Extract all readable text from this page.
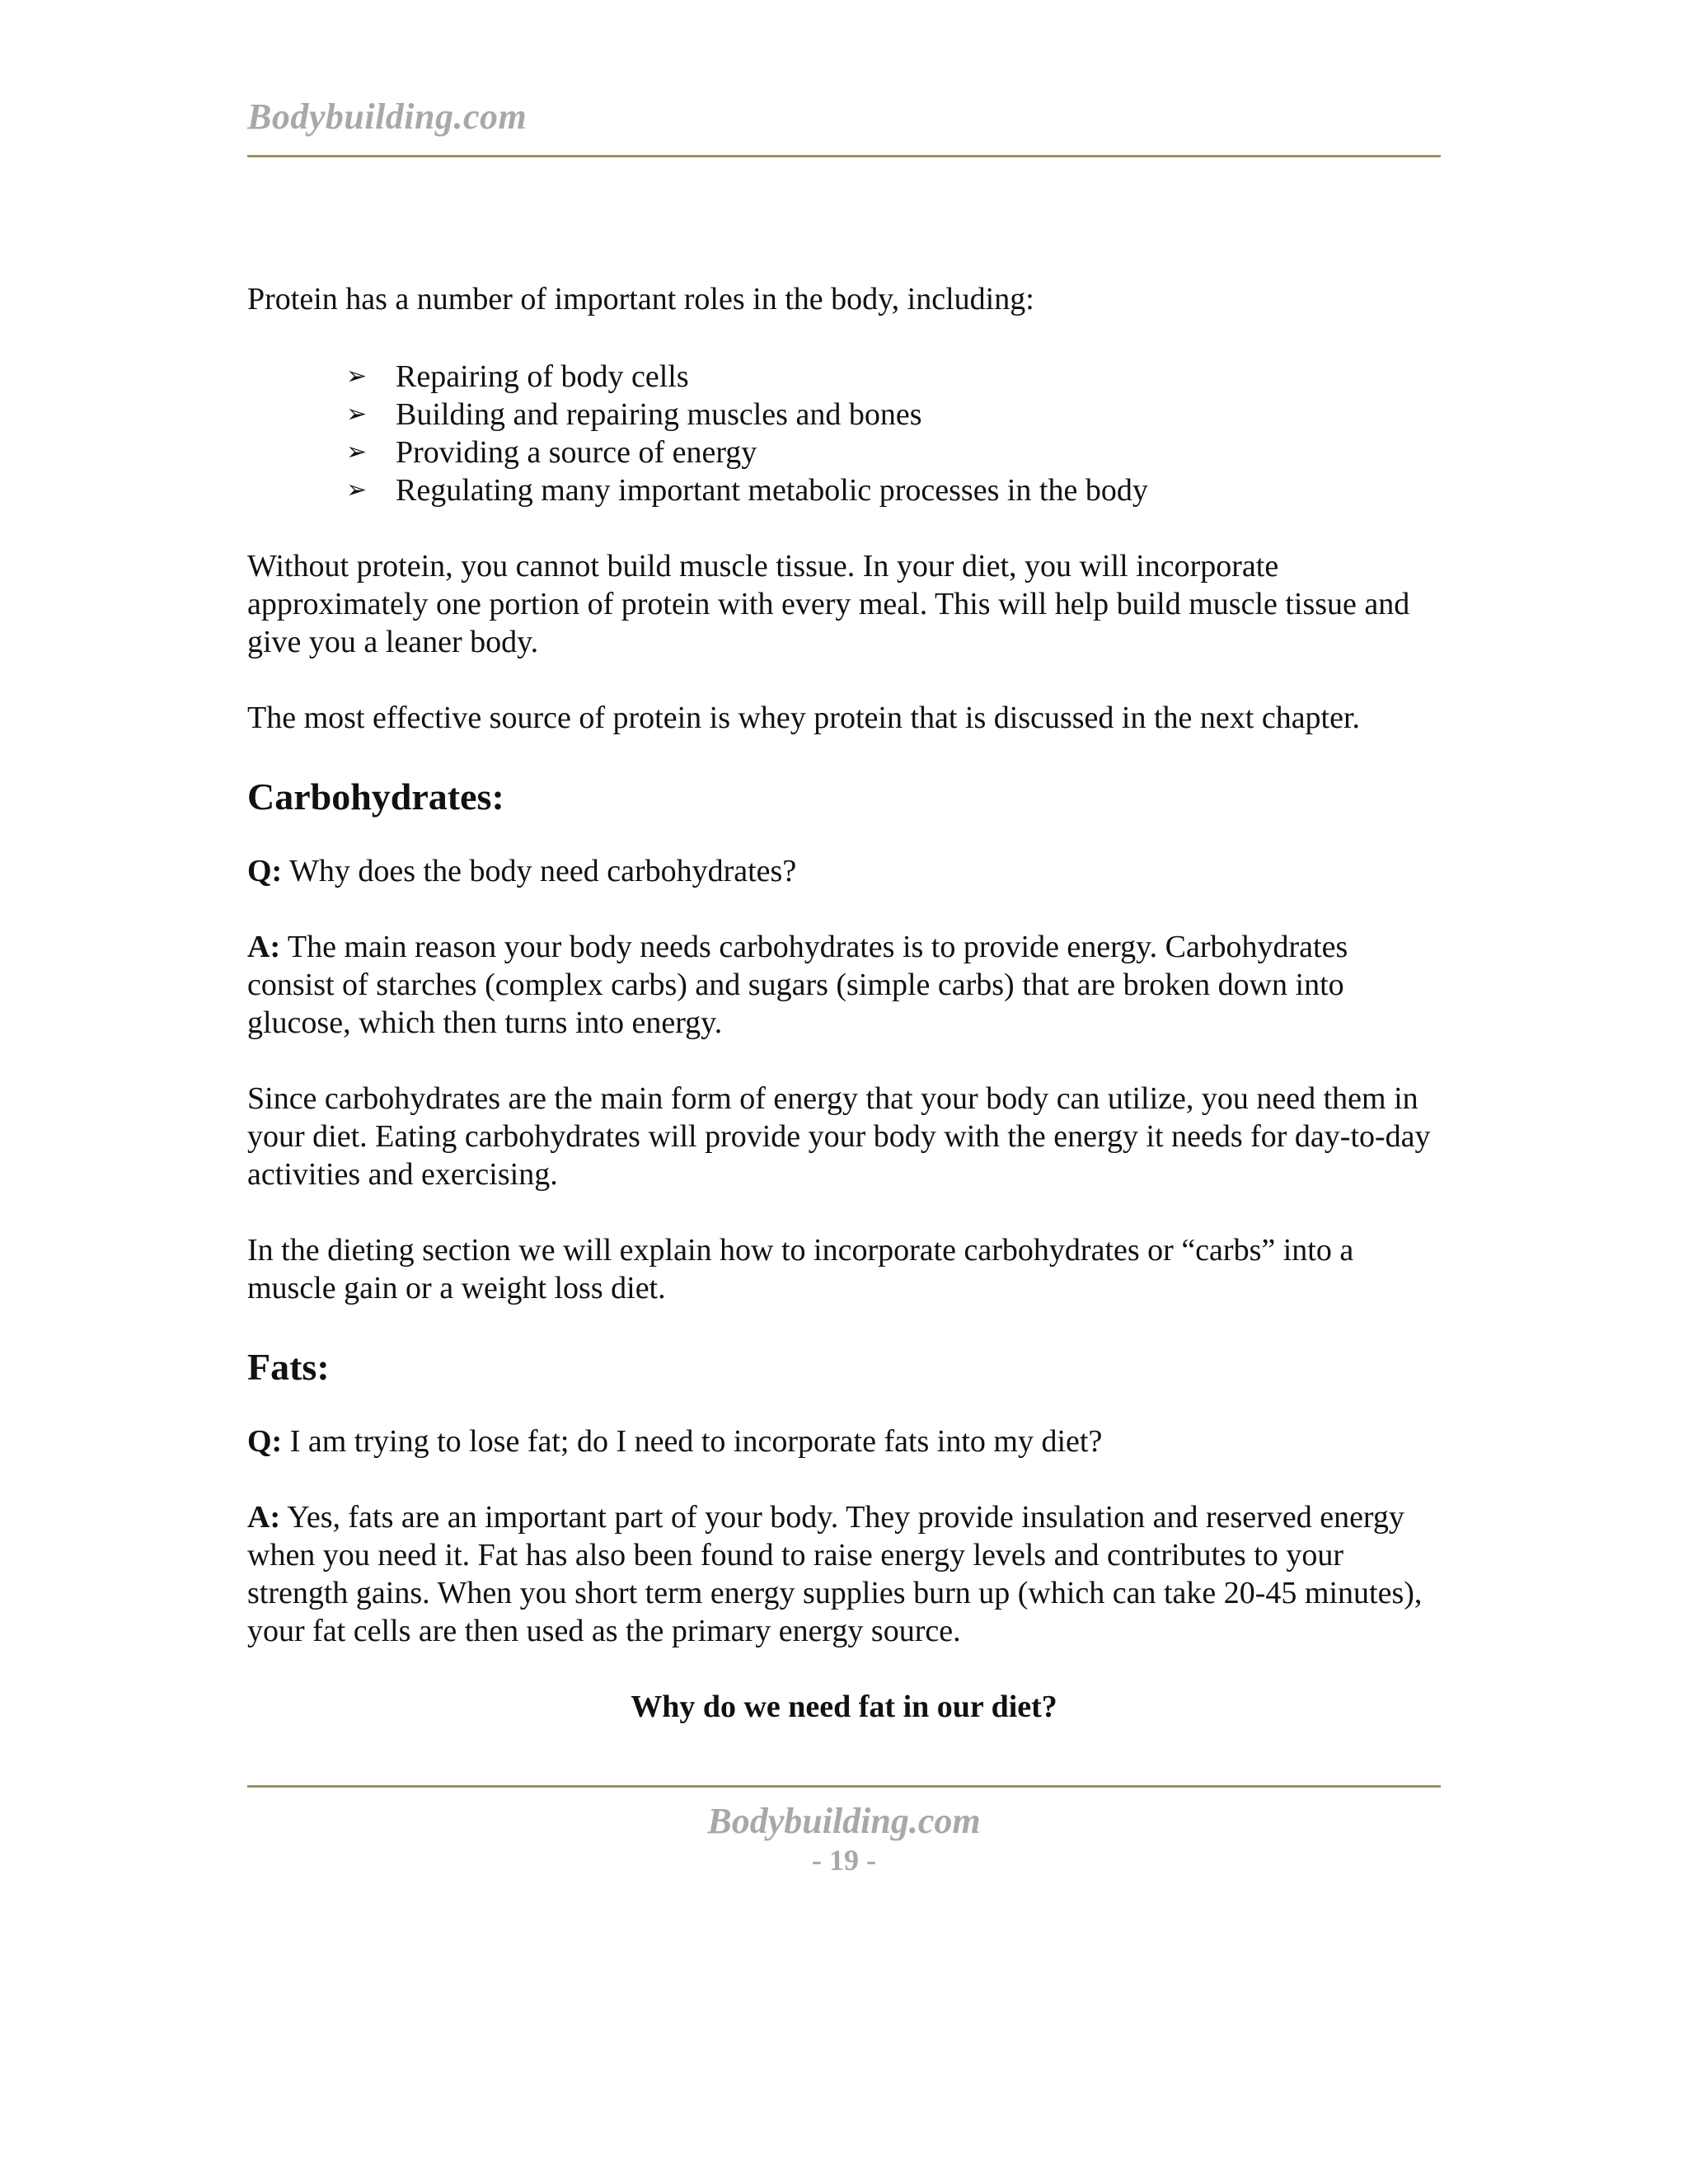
Bodybuilding.com

Protein has a number of important roles in the body, including:

➢ Repairing of body cells
➢ Building and repairing muscles and bones
➢ Providing a source of energy
➢ Regulating many important metabolic processes in the body

Without protein, you cannot build muscle tissue. In your diet, you will incorporate approximately one portion of protein with every meal. This will help build muscle tissue and give you a leaner body.

The most effective source of protein is whey protein that is discussed in the next chapter.

Carbohydrates:

Q: Why does the body need carbohydrates?

A: The main reason your body needs carbohydrates is to provide energy. Carbohydrates consist of starches (complex carbs) and sugars (simple carbs) that are broken down into glucose, which then turns into energy.

Since carbohydrates are the main form of energy that your body can utilize, you need them in your diet. Eating carbohydrates will provide your body with the energy it needs for day-to-day activities and exercising.

In the dieting section we will explain how to incorporate carbohydrates or “carbs” into a muscle gain or a weight loss diet.

Fats:

Q: I am trying to lose fat; do I need to incorporate fats into my diet?

A: Yes, fats are an important part of your body. They provide insulation and reserved energy when you need it. Fat has also been found to raise energy levels and contributes to your strength gains. When you short term energy supplies burn up (which can take 20-45 minutes), your fat cells are then used as the primary energy source.

Why do we need fat in our diet?

Bodybuilding.com
- 19 -
